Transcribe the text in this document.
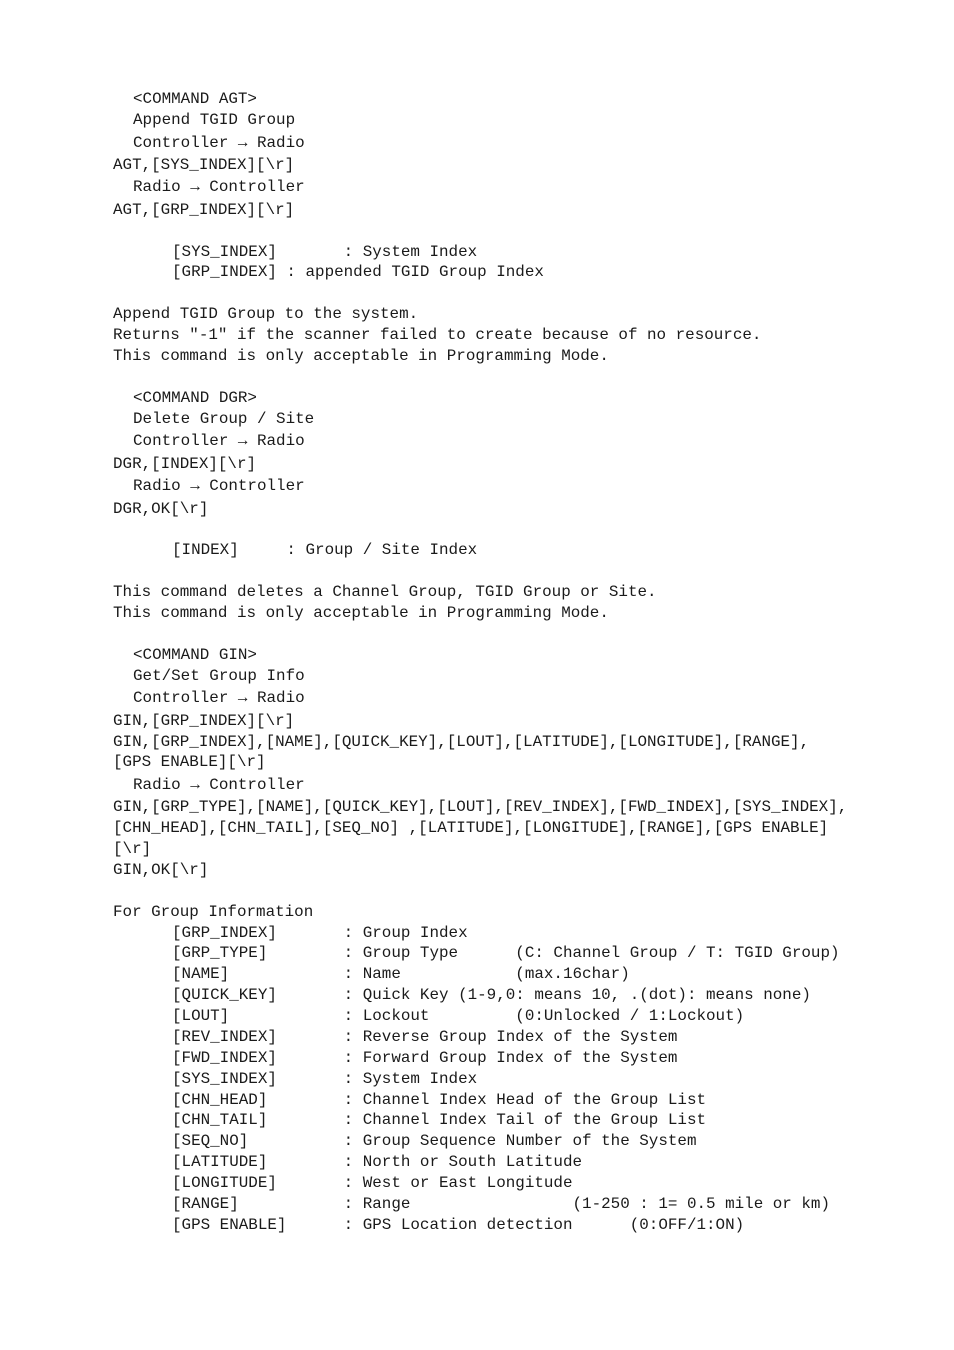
<COMMAND AGT>
Append TGID Group
Controller → Radio
AGT,[SYS_INDEX][\r]
Radio → Controller
AGT,[GRP_INDEX][\r]
[SYS_INDEX]       : System Index
[GRP_INDEX] : appended TGID Group Index
Append TGID Group to the system.
Returns "-1" if the scanner failed to create because of no resource.
This command is only acceptable in Programming Mode.
<COMMAND DGR>
Delete Group / Site
Controller → Radio
DGR,[INDEX][\r]
Radio → Controller
DGR,OK[\r]
[INDEX]     : Group / Site Index
This command deletes a Channel Group, TGID Group or Site.
This command is only acceptable in Programming Mode.
<COMMAND GIN>
Get/Set Group Info
Controller → Radio
GIN,[GRP_INDEX][\r]
GIN,[GRP_INDEX],[NAME],[QUICK_KEY],[LOUT],[LATITUDE],[LONGITUDE],[RANGE],
[GPS ENABLE][\r]
Radio → Controller
GIN,[GRP_TYPE],[NAME],[QUICK_KEY],[LOUT],[REV_INDEX],[FWD_INDEX],[SYS_INDEX],
[CHN_HEAD],[CHN_TAIL],[SEQ_NO] ,[LATITUDE],[LONGITUDE],[RANGE],[GPS ENABLE]
[\r]
GIN,OK[\r]
For Group Information
[GRP_INDEX]       : Group Index
[GRP_TYPE]        : Group Type      (C: Channel Group / T: TGID Group)
[NAME]            : Name            (max.16char)
[QUICK_KEY]       : Quick Key (1-9,0: means 10, .(dot): means none)
[LOUT]            : Lockout         (0:Unlocked / 1:Lockout)
[REV_INDEX]       : Reverse Group Index of the System
[FWD_INDEX]       : Forward Group Index of the System
[SYS_INDEX]       : System Index
[CHN_HEAD]        : Channel Index Head of the Group List
[CHN_TAIL]        : Channel Index Tail of the Group List
[SEQ_NO]          : Group Sequence Number of the System
[LATITUDE]        : North or South Latitude
[LONGITUDE]       : West or East Longitude
[RANGE]           : Range                 (1-250 : 1= 0.5 mile or km)
[GPS ENABLE]      : GPS Location detection      (0:OFF/1:ON)
